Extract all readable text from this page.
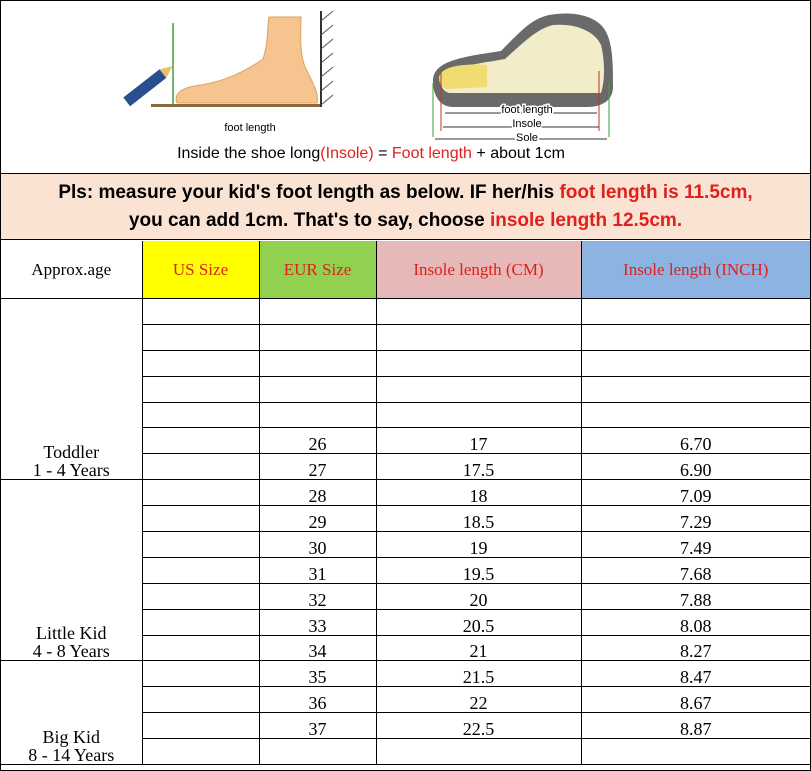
foot length
foot length
Insole
Sole
Inside the shoe long(Insole) = Foot length + about 1cm
Pls: measure your kid's foot length as below. IF her/his foot length is 11.5cm,
you can add 1cm. That's to say, choose insole length 12.5cm.
Approx.age	US Size	EUR Size	Insole length (CM)	Insole length (INCH)
Toddler
1 - 4 Years				

		26	17	6.70
		27	17.5	6.90
Little Kid
4 - 8 Years		28	18	7.09
		29	18.5	7.29
		30	19	7.49
		31	19.5	7.68
		32	20	7.88
		33	20.5	8.08
		34	21	8.27
Big Kid
8 - 14 Years		35	21.5	8.47
		36	22	8.67
		37	22.5	8.87
